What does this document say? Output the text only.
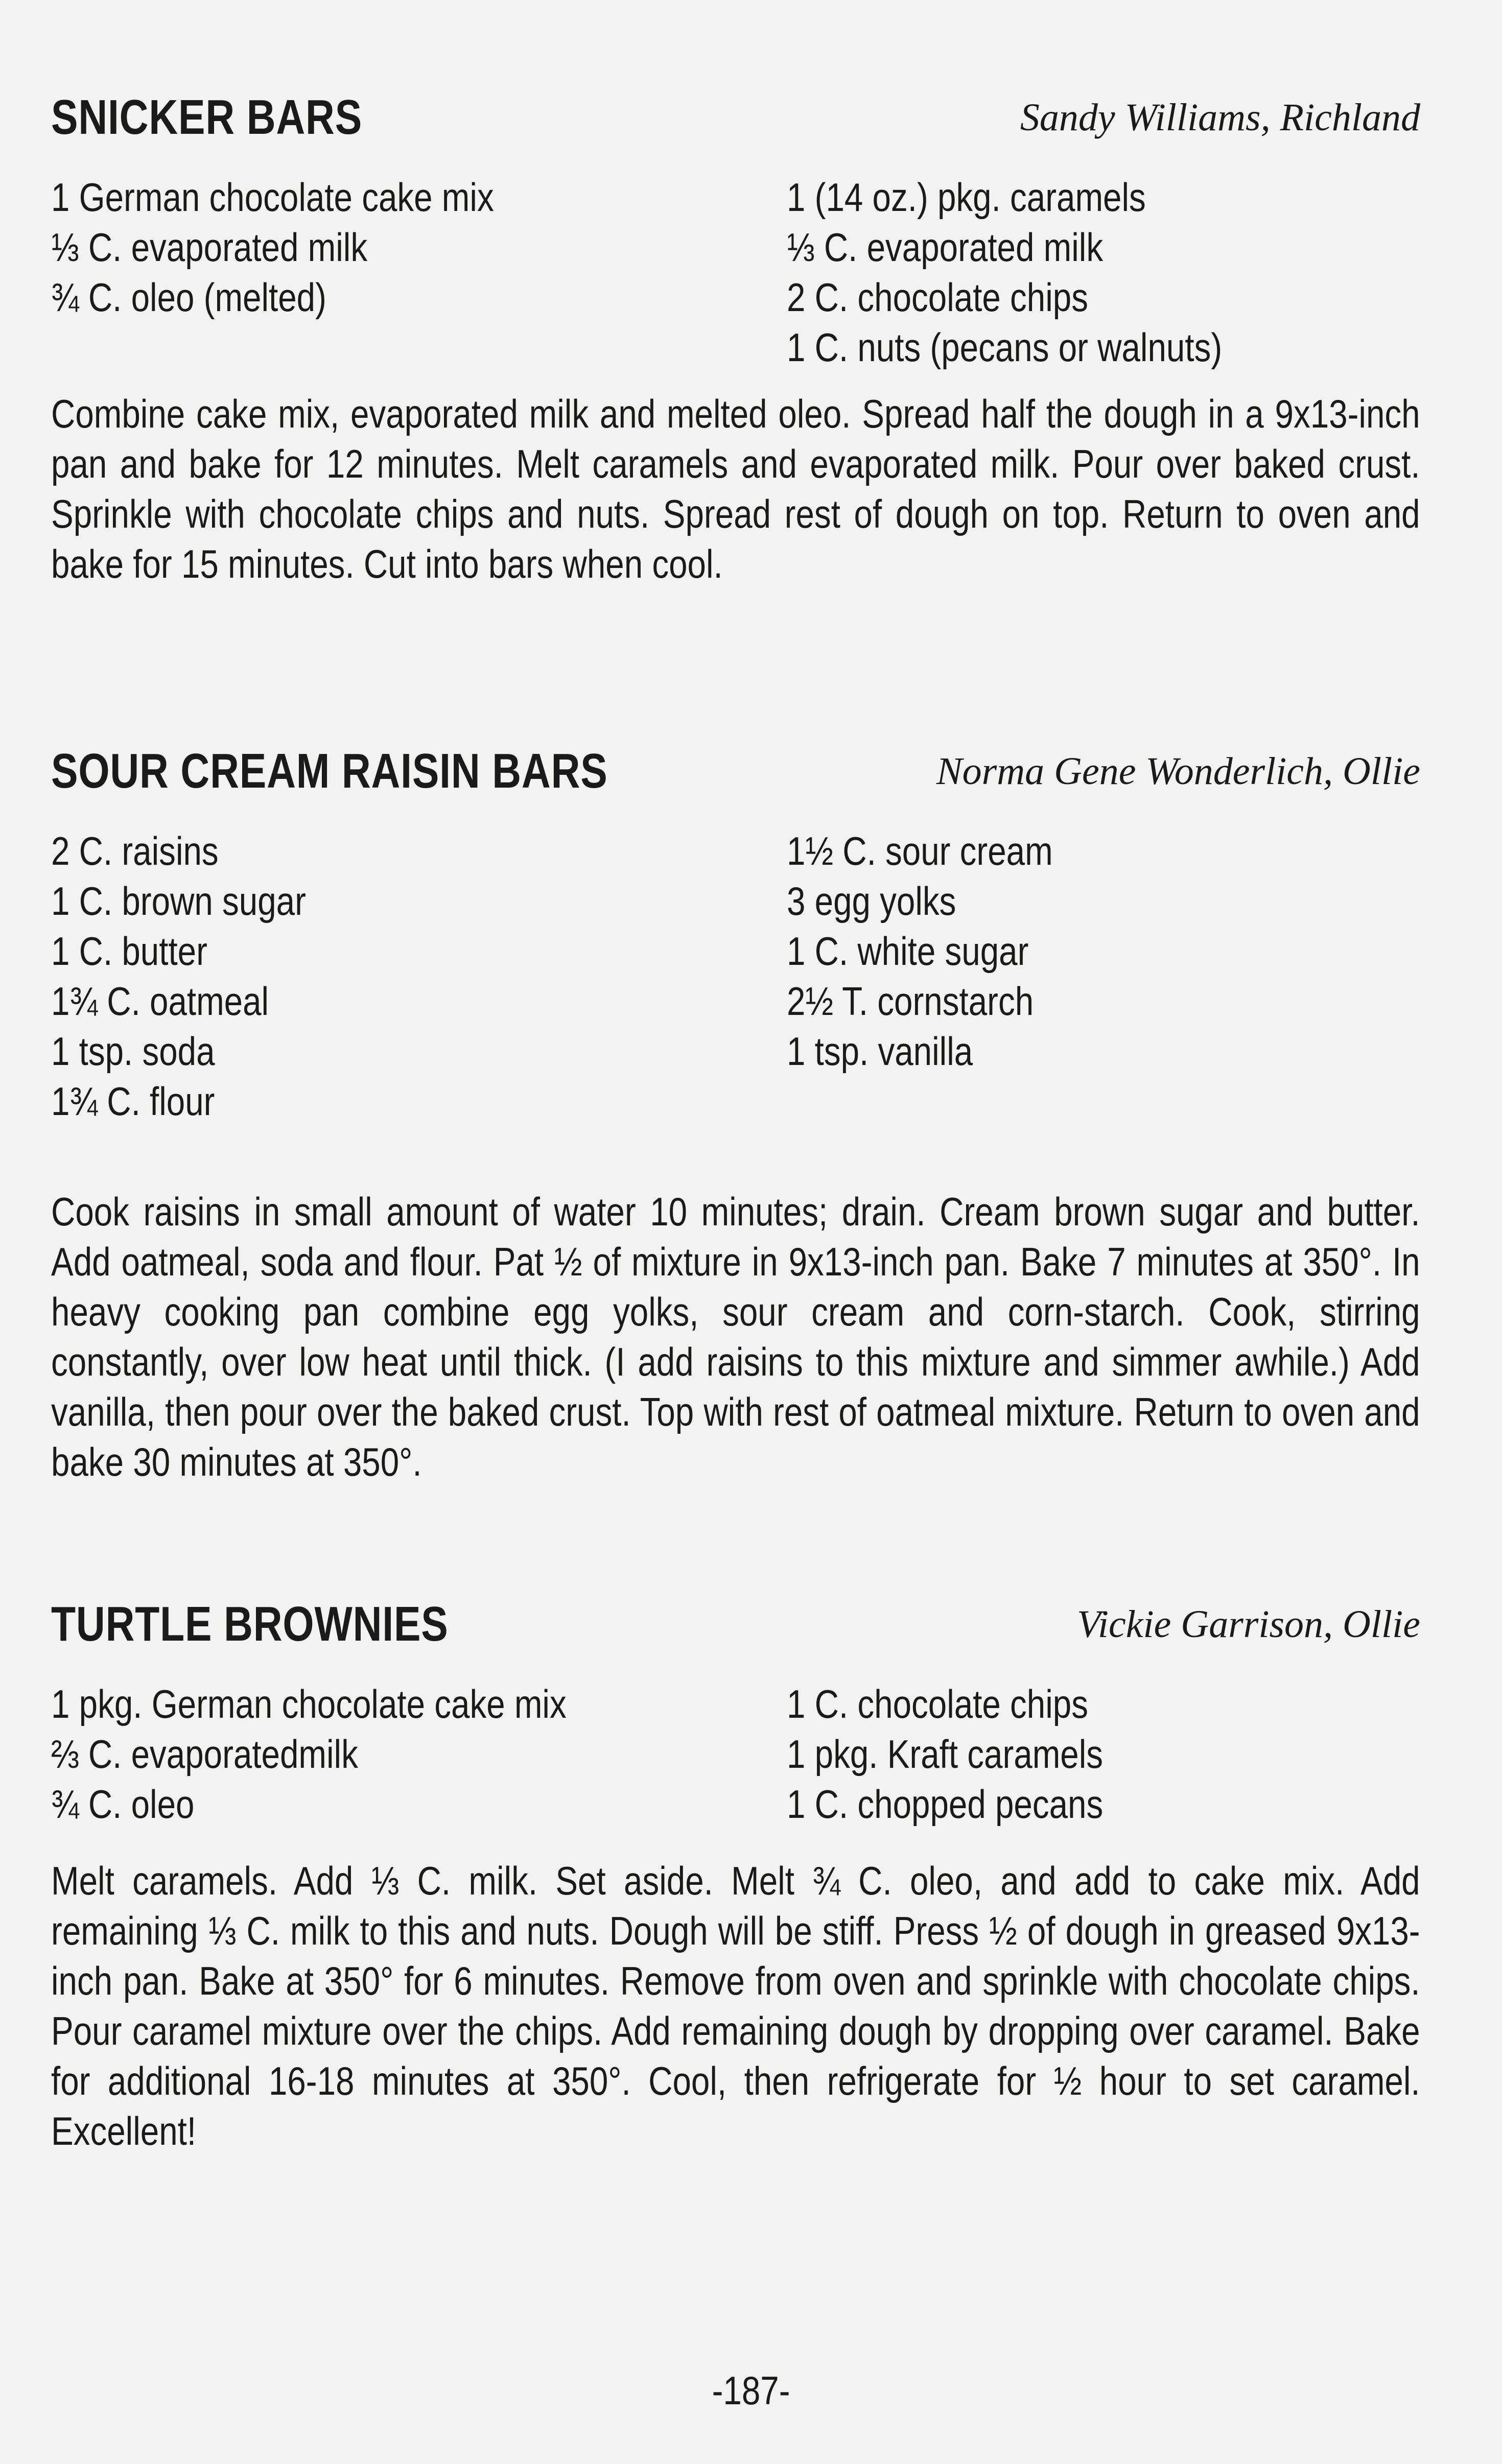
SNICKER BARS	Sandy Williams, Richland
1 German chocolate cake mix
⅓ C. evaporated milk
¾ C. oleo (melted)
1 (14 oz.) pkg. caramels
⅓ C. evaporated milk
2 C. chocolate chips
1 C. nuts (pecans or walnuts)

Combine cake mix, evaporated milk and melted oleo. Spread half the dough in a 9x13-inch pan and bake for 12 minutes. Melt caramels and evaporated milk. Pour over baked crust. Sprinkle with chocolate chips and nuts. Spread rest of dough on top. Return to oven and bake for 15 minutes. Cut into bars when cool.

SOUR CREAM RAISIN BARS	Norma Gene Wonderlich, Ollie
2 C. raisins
1 C. brown sugar
1 C. butter
1¾ C. oatmeal
1 tsp. soda
1¾ C. flour
1½ C. sour cream
3 egg yolks
1 C. white sugar
2½ T. cornstarch
1 tsp. vanilla

Cook raisins in small amount of water 10 minutes; drain. Cream brown sugar and butter. Add oatmeal, soda and flour. Pat ½ of mixture in 9x13-inch pan. Bake 7 minutes at 350°. In heavy cooking pan combine egg yolks, sour cream and corn-starch. Cook, stirring constantly, over low heat until thick. (I add raisins to this mixture and simmer awhile.) Add vanilla, then pour over the baked crust. Top with rest of oatmeal mixture. Return to oven and bake 30 minutes at 350°.

TURTLE BROWNIES	Vickie Garrison, Ollie
1 pkg. German chocolate cake mix
⅔ C. evaporatedmilk
¾ C. oleo
1 C. chocolate chips
1 pkg. Kraft caramels
1 C. chopped pecans

Melt caramels. Add ⅓ C. milk. Set aside. Melt ¾ C. oleo, and add to cake mix. Add remaining ⅓ C. milk to this and nuts. Dough will be stiff. Press ½ of dough in greased 9x13-inch pan. Bake at 350° for 6 minutes. Remove from oven and sprinkle with chocolate chips. Pour caramel mixture over the chips. Add remaining dough by dropping over caramel. Bake for additional 16-18 minutes at 350°. Cool, then refrigerate for ½ hour to set caramel. Excellent!

-187-
